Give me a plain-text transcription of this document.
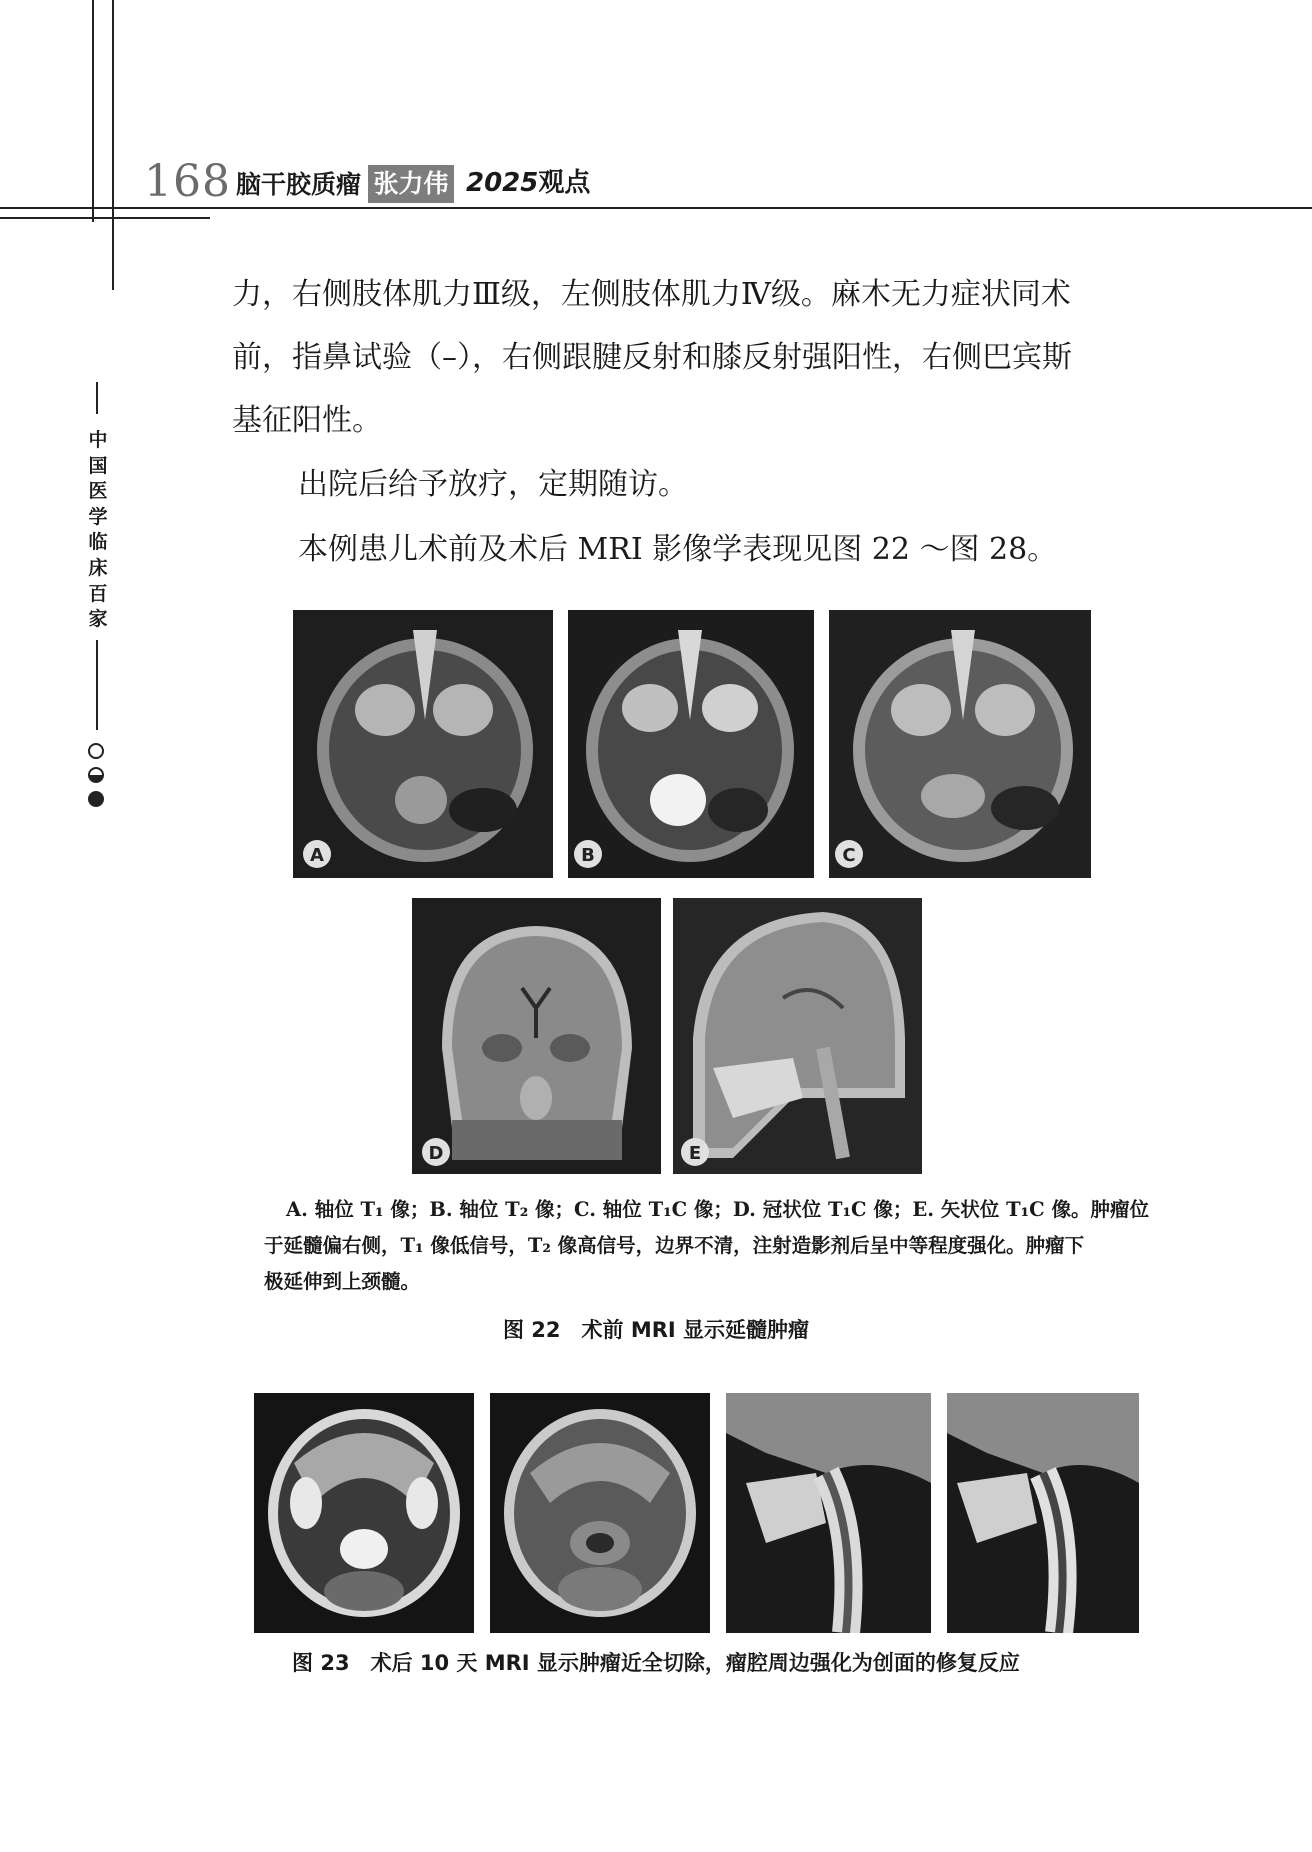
168 脑干胶质瘤 张力伟 2025观点
中国医学临床百家
力，右侧肢体肌力Ⅲ级，左侧肢体肌力Ⅳ级。麻木无力症状同术
前，指鼻试验（–），右侧跟腱反射和膝反射强阳性，右侧巴宾斯
基征阳性。
出院后给予放疗，定期随访。
本例患儿术前及术后 MRI 影像学表现见图 22 ～图 28。
A	B	C
D	E
A. 轴位 T₁ 像；B. 轴位 T₂ 像；C. 轴位 T₁C 像；D. 冠状位 T₁C 像；E. 矢状位 T₁C 像。肿瘤位
于延髓偏右侧，T₁ 像低信号，T₂ 像高信号，边界不清，注射造影剂后呈中等程度强化。肿瘤下
极延伸到上颈髓。
图 22　术前 MRI 显示延髓肿瘤
图 23　术后 10 天 MRI 显示肿瘤近全切除，瘤腔周边强化为创面的修复反应
